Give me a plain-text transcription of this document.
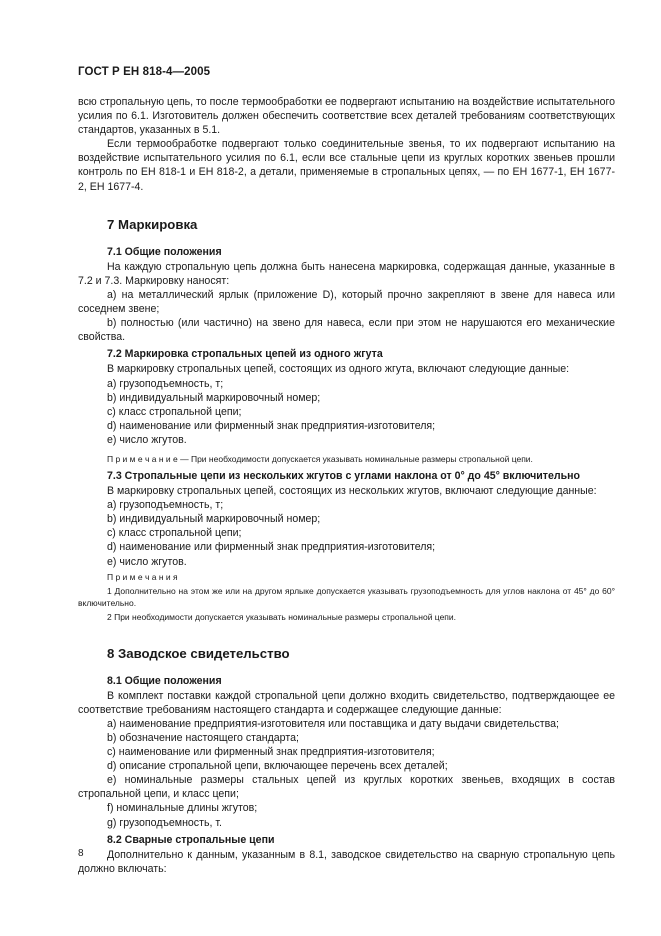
ГОСТ Р ЕН 818-4—2005

всю стропальную цепь, то после термообработки ее подвергают испытанию на воздействие испытательного усилия по 6.1. Изготовитель должен обеспечить соответствие всех деталей требованиям соответствующих стандартов, указанных в 5.1.

Если термообработке подвергают только соединительные звенья, то их подвергают испытанию на воздействие испытательного усилия по 6.1, если все стальные цепи из круглых коротких звеньев прошли контроль по ЕН 818-1 и ЕН 818-2, а детали, применяемые в стропальных цепях, — по ЕН 1677-1, ЕН 1677-2, ЕН 1677-4.

7 Маркировка
7.1 Общие положения

На каждую стропальную цепь должна быть нанесена маркировка, содержащая данные, указанные в 7.2 и 7.3. Маркировку наносят:

a) на металлический ярлык (приложение D), который прочно закрепляют в звене для навеса или соседнем звене;

b) полностью (или частично) на звено для навеса, если при этом не нарушаются его механические свойства.

7.2 Маркировка стропальных цепей из одного жгута

В маркировку стропальных цепей, состоящих из одного жгута, включают следующие данные:

a) грузоподъемность, т;

b) индивидуальный маркировочный номер;

c) класс стропальной цепи;

d) наименование или фирменный знак предприятия-изготовителя;

e) число жгутов.

П р и м е ч а н и е — При необходимости допускается указывать номинальные размеры стропальной цепи.

7.3 Стропальные цепи из нескольких жгутов с углами наклона от 0° до 45° включительно

В маркировку стропальных цепей, состоящих из нескольких жгутов, включают следующие данные:

a) грузоподъемность, т;

b) индивидуальный маркировочный номер;

c) класс стропальной цепи;

d) наименование или фирменный знак предприятия-изготовителя;

e) число жгутов.

П р и м е ч а н и я

1 Дополнительно на этом же или на другом ярлыке допускается указывать грузоподъемность для углов наклона от 45° до 60° включительно.

2 При необходимости допускается указывать номинальные размеры стропальной цепи.

8 Заводское свидетельство
8.1 Общие положения

В комплект поставки каждой стропальной цепи должно входить свидетельство, подтверждающее ее соответствие требованиям настоящего стандарта и содержащее следующие данные:

a) наименование предприятия-изготовителя или поставщика и дату выдачи свидетельства;

b) обозначение настоящего стандарта;

c) наименование или фирменный знак предприятия-изготовителя;

d) описание стропальной цепи, включающее перечень всех деталей;

e) номинальные размеры стальных цепей из круглых коротких звеньев, входящих в состав стропальной цепи, и класс цепи;

f) номинальные длины жгутов;

g) грузоподъемность, т.

8.2 Сварные стропальные цепи

Дополнительно к данным, указанным в 8.1, заводское свидетельство на сварную стропальную цепь должно включать:

8
